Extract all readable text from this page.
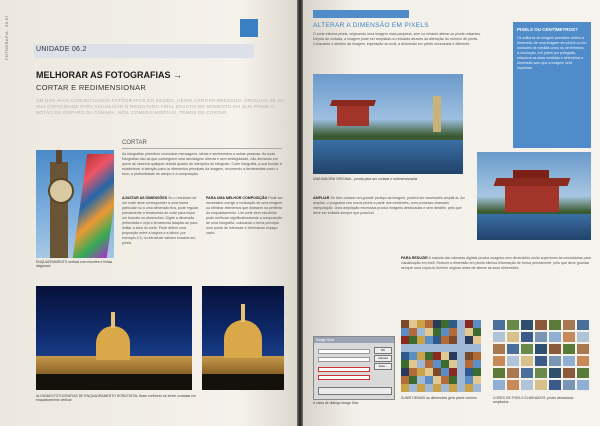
FOTOGRAFIA · 66-67	UNIDADE 06.2
MELHORAR AS FOTOGRAFIAS →
CORTAR E REDIMENSIONAR
UM DOS MAIS CONCEITUADOS FOTÓGRAFOS DO MUNDO, HENRI CARTIER-BRESSON, ORGULHA-SE DA SUA CAPACIDADE PARA VISUALIZAR O RESULTADO FINAL EXACTO NO MOMENTO EM QUE PRIME O BOTÃO DE DISPARO DA CÂMARA. NÓS, COMUNS MORTAIS, TEMOS DE CORTAR.
CORTAR
As fotografias permitem comunicar mensagens, ideias e sentimentos a outras pessoas. As boas fotografias são as que conseguem uma abordagem directa e sem ambiguidade, não deixando em quem as observa qualquer dúvida quanto às intenções do fotógrafo. Corte fotografia, a sua função é estabelecer a atenção para os elementos principais da imagem, recorrendo a ferramentas como o foco, a profundidade de campo e a composição.
ENQUADRAMENTO vertical com recortes e linhas diagonais
AJUSTAR AS DIMENSÕES Se o resultado de um corte deve corresponder a uma forma particular ou a uma dimensão fixa, pode regular previamente a ferramenta de corte para impor um formato ou dimensões. Digite a dimensão pretendida e veja a ferramenta adaptar-se para limitar a área do corte. Pode definir uma proporção entre a largura e a altura, por exemplo 4:3, ou introduzir valores exactos em pixels.
PARA UMA MELHOR COMPOSIÇÃO Pode ser necessário corrigir a inclinação de uma imagem ou eliminar elementos que distraem na periferia do enquadramento. Um corte bem escolhido pode melhorar significativamente a composição de uma fotografia, colocando o tema principal num ponto de interesse e eliminando espaço vazio.
ALGUMAS FOTOGRAFIAS DE ENQUADRAMENTO HORIZONTAL ficam melhores se forem cortadas em enquadramento vertical
ALTERAR A DIMENSÃO EM PIXELS
O corte elimina pixels, originando uma imagem mais pequena, sem no entanto alterar os pixels restantes. Depois de cortada, a imagem pode ser ampliada ou reduzida através da alteração do número de pixels. Consoante o destino da imagem, impressão ou ecrã, a dimensão em pixels necessária é diferente.
PIXELS OU CENTÍMETROS?
Os editores de imagem permitem definir a dimensão de uma imagem em pixels ou em unidades de medida como os centímetros. A resolução, em pixels por polegada, relaciona as duas medidas e determina a dimensão com que a imagem será impressa.
UMA IMAGEM ORIGINAL, pronta para ser cortada e redimensionada
AMPLIAR Se tiver cortado um grande pedaço da imagem, poderá ser necessário ampliá-la. Ao ampliar, o programa cria novos pixels a partir dos existentes, num processo chamado interpolação. Uma ampliação excessiva produz imagens desfocadas e sem detalhe, pelo que deve ser evitada sempre que possível.
Image Size
OK
Cancel
Auto...
A caixa de diálogo Image Size
PARA REDUZIR A maioria das câmaras digitais produz imagens com dimensões muito superiores às necessárias para visualização em ecrã. Reduzir a dimensão em pixels elimina informação de forma permanente, pelo que deve guardar sempre uma cópia do ficheiro original antes de alterar as suas dimensões.
SUBIR DEMAIS as dimensões gera pixels visíveis	CORES DE PIXELS ELIMINADOS: pixels demasiado ampliados
